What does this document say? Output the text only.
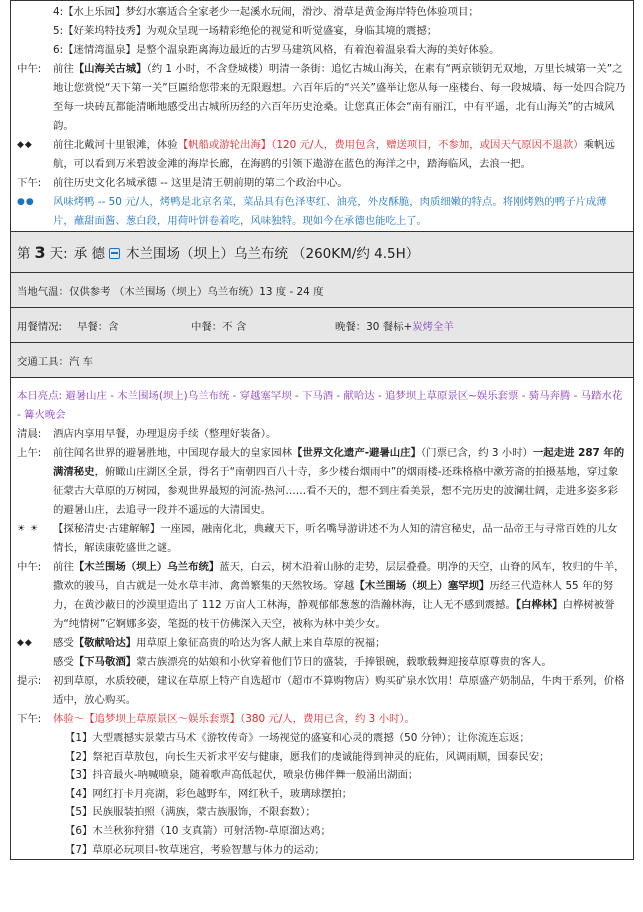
4:【水上乐园】梦幻水寨适合全家老少一起溪水玩闹，滑沙、滑草是黄金海岸特色体验项目；
5:【好莱坞特技秀】为观众呈现一场精彩绝伦的视觉和听觉盛宴，身临其境的震撼；
6:【迷情湾温泉】是整个温泉距离海边最近的古罗马建筑风格，有着泡着温泉看大海的美好体验。
中午:	前往【山海关古城】（约 1 小时，不含登城楼）明清一条街：追忆古城山海关，在素有“两京锁钥无双地，万里长城第一关”之地让您赏悦“天下第一关”巨匾给您带来的无限遐想。六百年后的“兴关”盛举让您从每一座楼台、每一段城墙、每一处四合院乃至每一块砖瓦都能清晰地感受出古城所历经的六百年历史沧桑。让您真正体会“南有丽江，中有平遥，北有山海关”的古城风韵。
◆◆	前往北戴河十里银滩，体验【帆船或游轮出海】（120 元/人，费用包含，赠送项目，不参加，或因天气原因不退款）乘帆远航，可以看到万米碧波金滩的海岸长廊，在海鸥的引领下遨游在蓝色的海洋之中，踏海临风，去浪一把。
下午:	前往历史文化名城承德 -- 这里是清王朝前期的第二个政治中心。
●●	风味烤鸭 -- 50 元/人，烤鸭是北京名菜，菜品具有色泽枣红、油亮，外皮酥脆，肉质细嫩的特点。将刚烤熟的鸭子片成薄片，蘸甜面酱、葱白段，用荷叶饼卷着吃，风味独特。现如今在承德也能吃上了。
第 3 天: 承 德 木兰围场（坝上）乌兰布统 （260KM/约 4.5H）
当地气温：仅供参考 （木兰围场（坝上）乌兰布统）13 度 - 24 度
用餐情况:	早餐：含	中餐：不 含	晚餐：30 餐标+ 炭烤全羊
交通工具：汽 车
本日亮点: 避暑山庄 - 木兰围场(坝上)乌兰布统 - 穿越塞罕坝 - 下马酒 - 献哈达 - 追梦坝上草原景区~娱乐套票 - 骑马奔腾 - 马踏水花 - 篝火晚会
清晨:	酒店内享用早餐，办理退房手续（整理好装备）。
上午:	前往闻名世界的避暑胜地，中国现存最大的皇家园林【世界文化遗产-避暑山庄】（门票已含，约 3 小时）一起走进 287 年的满清秘史，俯瞰山庄湖区全景，得名于“南朝四百八十寺，多少楼台烟雨中”的烟雨楼-还珠格格中漱芳斋的拍摄基地，穿过象征蒙古大草原的万树园，参观世界最短的河流-热河……看不天的，想不到庄看美景，想不完历史的波澜壮阔，走进多姿多彩的避暑山庄，去追寻一段并不遥远的大清国史。
☀ ☀	【探秘清史·古建解解】一座园，融南化北，典藏天下，听名嘴导游讲述不为人知的清宫秘史，品一品帝王与寻常百姓的儿女情长，解读康乾盛世之谜。
中午:	前往【木兰围场（坝上）乌兰布统】蓝天，白云，树木沿着山脉的走势，层层叠叠。明净的天空，山脊的风车，牧归的牛羊，撒欢的骏马，自古就是一处水草丰沛、禽兽繁集的天然牧场。穿越【木兰围场（坝上）塞罕坝】历经三代造林人 55 年的努力，在黄沙蔽日的沙漠里造出了 112 万亩人工林海，静观郁郁葱葱的浩瀚林海，让人无不感到震撼。【白桦林】白桦树被誉为“纯情树”它婀娜多姿，笔挺的枝干仿佛深入天空，被称为林中美少女。
◆◆	感受【敬献哈达】用草原上象征高贵的哈达为客人献上来自草原的祝福；
感受【下马敬酒】蒙古族漂亮的姑娘和小伙穿着他们节日的盛装，手捧银碗，载歌载舞迎接草原尊贵的客人。
提示:	初到草原，水质较硬，建议在草原上特产自选超市（超市不算购物店）购买矿泉水饮用！草原盛产奶制品，牛肉干系列，价格适中，放心购买。
下午:	体验～【追梦坝上草原景区～娱乐套票】（380 元/人，费用已含，约 3 小时）。
【1】大型震撼实景蒙古马术《游牧传奇》一场视觉的盛宴和心灵的震撼（50 分钟）；让你流连忘返；
【2】祭祀百草敖包，向长生天祈求平安与健康，愿我们的虔诚能得到神灵的庇佑，风调雨顺，国泰民安；
【3】抖音最火-呐喊喷泉，随着歌声高低起伏，喷泉仿佛伴舞一般涌出湖面；
【4】网红打卡月亮湖，彩色越野车，网红秋千，玻璃球摆拍；
【5】民族服装拍照（满族，蒙古族服饰，不限套数）；
【6】木兰秋狝狩猎（10 支真箭）可射活物-草原溜达鸡；
【7】草原必玩项目-牧草迷宫，考验智慧与体力的运动；
